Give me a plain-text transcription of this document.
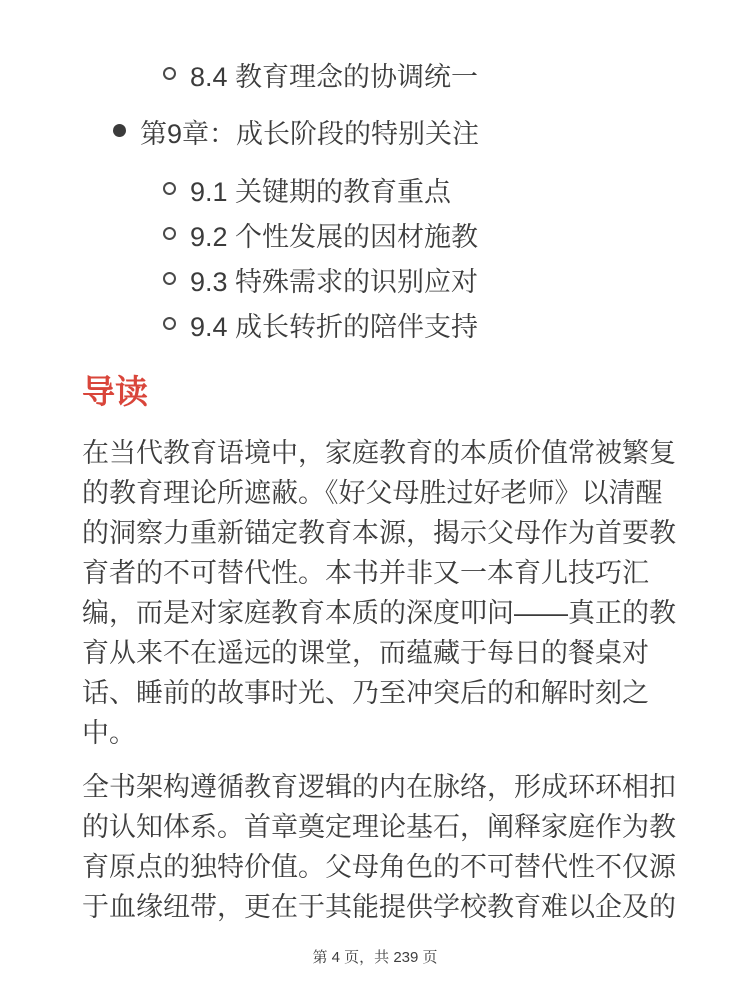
8.4 教育理念的协调统一
第9章：成长阶段的特别关注
9.1 关键期的教育重点
9.2 个性发展的因材施教
9.3 特殊需求的识别应对
9.4 成长转折的陪伴支持
导读

在当代教育语境中，家庭教育的本质价值常被繁复的教育理论所遮蔽。《好父母胜过好老师》以清醒的洞察力重新锚定教育本源，揭示父母作为首要教育者的不可替代性。本书并非又一本育儿技巧汇编，而是对家庭教育本质的深度叩问——真正的教育从来不在遥远的课堂，而蕴藏于每日的餐桌对话、睡前的故事时光、乃至冲突后的和解时刻之中。

全书架构遵循教育逻辑的内在脉络，形成环环相扣的认知体系。首章奠定理论基石，阐释家庭作为教育原点的独特价值。父母角色的不可替代性不仅源于血缘纽带，更在于其能提供学校教育难以企及的

第 4 页，共 239 页
